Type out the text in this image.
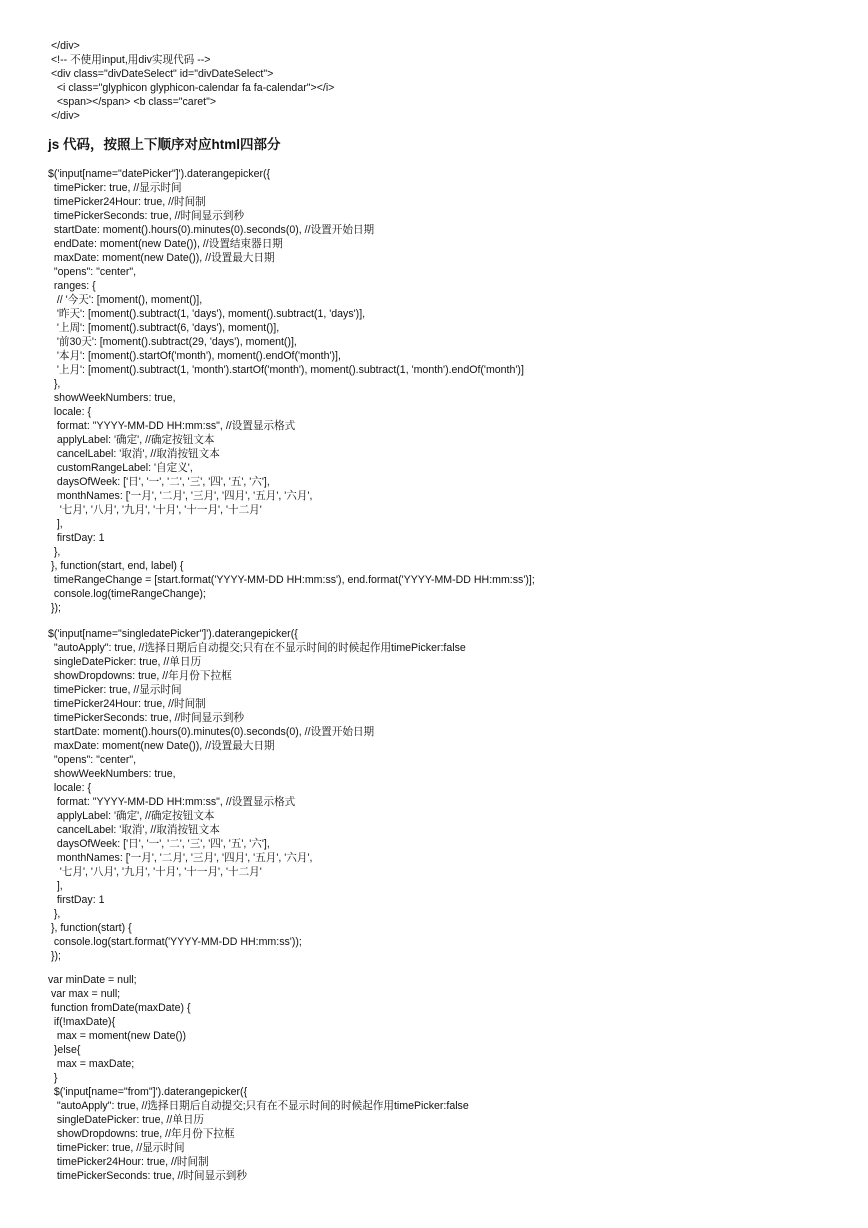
</div>
<!-- 不使用input,用div实现代码 -->
<div class="divDateSelect" id="divDateSelect">
<i class="glyphicon glyphicon-calendar fa fa-calendar"></i>
<span></span> <b class="caret">
</div>
js 代码，按照上下顺序对应html四部分
$('input[name="datePicker"]').daterangepicker({
timePicker: true, //显示时间
timePicker24Hour: true, //时间制
timePickerSeconds: true, //时间显示到秒
startDate: moment().hours(0).minutes(0).seconds(0), //设置开始日期
endDate: moment(new Date()), //设置结束器日期
maxDate: moment(new Date()), //设置最大日期
"opens": "center",
ranges: {
// '今天': [moment(), moment()],
'昨天': [moment().subtract(1, 'days'), moment().subtract(1, 'days')],
'上周': [moment().subtract(6, 'days'), moment()],
'前30天': [moment().subtract(29, 'days'), moment()],
'本月': [moment().startOf('month'), moment().endOf('month')],
'上月': [moment().subtract(1, 'month').startOf('month'), moment().subtract(1, 'month').endOf('month')]
},
showWeekNumbers: true,
locale: {
format: "YYYY-MM-DD HH:mm:ss", //设置显示格式
applyLabel: '确定', //确定按钮文本
cancelLabel: '取消', //取消按钮文本
customRangeLabel: '自定义',
daysOfWeek: ['日', '一', '二', '三', '四', '五', '六'],
monthNames: ['一月', '二月', '三月', '四月', '五月', '六月',
'七月', '八月', '九月', '十月', '十一月', '十二月'
],
firstDay: 1
},
}, function(start, end, label) {
timeRangeChange = [start.format('YYYY-MM-DD HH:mm:ss'), end.format('YYYY-MM-DD HH:mm:ss')];
console.log(timeRangeChange);
});
$('input[name="singledatePicker"]').daterangepicker({
"autoApply": true, //选择日期后自动提交;只有在不显示时间的时候起作用timePicker:false
singleDatePicker: true, //单日历
showDropdowns: true, //年月份下拉框
timePicker: true, //显示时间
timePicker24Hour: true, //时间制
timePickerSeconds: true, //时间显示到秒
startDate: moment().hours(0).minutes(0).seconds(0), //设置开始日期
maxDate: moment(new Date()), //设置最大日期
"opens": "center",
showWeekNumbers: true,
locale: {
format: "YYYY-MM-DD HH:mm:ss", //设置显示格式
applyLabel: '确定', //确定按钮文本
cancelLabel: '取消', //取消按钮文本
daysOfWeek: ['日', '一', '二', '三', '四', '五', '六'],
monthNames: ['一月', '二月', '三月', '四月', '五月', '六月',
'七月', '八月', '九月', '十月', '十一月', '十二月'
],
firstDay: 1
},
}, function(start) {
console.log(start.format('YYYY-MM-DD HH:mm:ss'));
});
var minDate = null;
var max = null;
function fromDate(maxDate) {
if(!maxDate){
max = moment(new Date())
}else{
max = maxDate;
}
$('input[name="from"]').daterangepicker({
"autoApply": true, //选择日期后自动提交;只有在不显示时间的时候起作用timePicker:false
singleDatePicker: true, //单日历
showDropdowns: true, //年月份下拉框
timePicker: true, //显示时间
timePicker24Hour: true, //时间制
timePickerSeconds: true, //时间显示到秒
